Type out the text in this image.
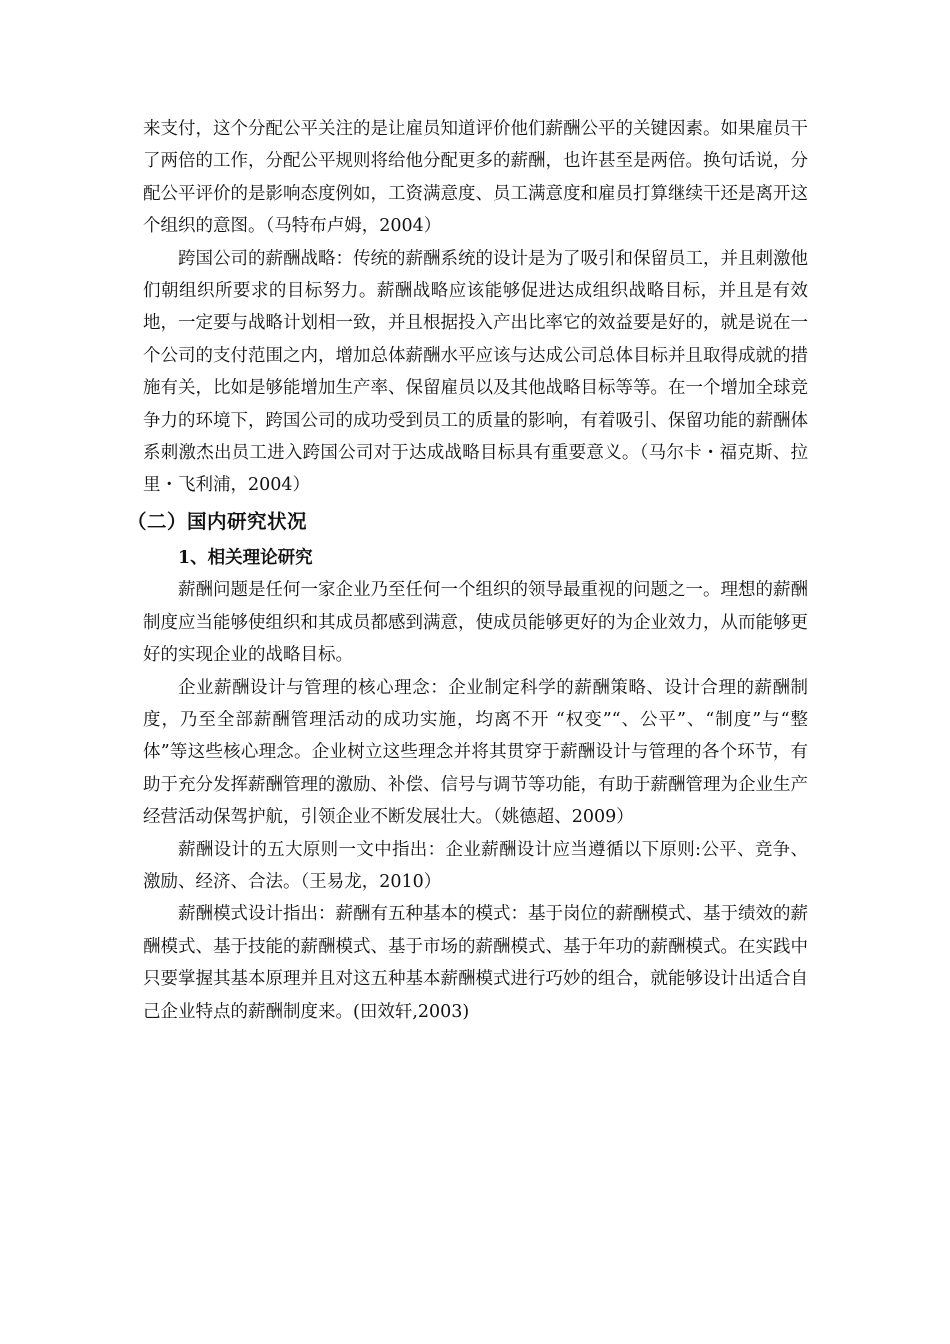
来支付，这个分配公平关注的是让雇员知道评价他们薪酬公平的关键因素。如果雇员干了两倍的工作，分配公平规则将给他分配更多的薪酬，也许甚至是两倍。换句话说，分配公平评价的是影响态度例如，工资满意度、员工满意度和雇员打算继续干还是离开这个组织的意图。（马特布卢姆，2004）

跨国公司的薪酬战略：传统的薪酬系统的设计是为了吸引和保留员工，并且刺激他们朝组织所要求的目标努力。薪酬战略应该能够促进达成组织战略目标，并且是有效地，一定要与战略计划相一致，并且根据投入产出比率它的效益要是好的，就是说在一个公司的支付范围之内，增加总体薪酬水平应该与达成公司总体目标并且取得成就的措施有关，比如是够能增加生产率、保留雇员以及其他战略目标等等。在一个增加全球竞争力的环境下，跨国公司的成功受到员工的质量的影响，有着吸引、保留功能的薪酬体系刺激杰出员工进入跨国公司对于达成战略目标具有重要意义。（马尔卡・福克斯、拉里・飞利浦，2004）

（二）国内研究状况
1、相关理论研究

薪酬问题是任何一家企业乃至任何一个组织的领导最重视的问题之一。理想的薪酬制度应当能够使组织和其成员都感到满意，使成员能够更好的为企业效力，从而能够更好的实现企业的战略目标。

企业薪酬设计与管理的核心理念：企业制定科学的薪酬策略、设计合理的薪酬制度，乃至全部薪酬管理活动的成功实施，均离不开 “权变”“、公平”、“制度”与“整体”等这些核心理念。企业树立这些理念并将其贯穿于薪酬设计与管理的各个环节，有助于充分发挥薪酬管理的激励、补偿、信号与调节等功能，有助于薪酬管理为企业生产经营活动保驾护航，引领企业不断发展壮大。（姚德超、2009）

薪酬设计的五大原则一文中指出：企业薪酬设计应当遵循以下原则:公平、竞争、激励、经济、合法。（王易龙，2010）

薪酬模式设计指出：薪酬有五种基本的模式：基于岗位的薪酬模式、基于绩效的薪酬模式、基于技能的薪酬模式、基于市场的薪酬模式、基于年功的薪酬模式。在实践中只要掌握其基本原理并且对这五种基本薪酬模式进行巧妙的组合，就能够设计出适合自己企业特点的薪酬制度来。(田效轩,2003)
